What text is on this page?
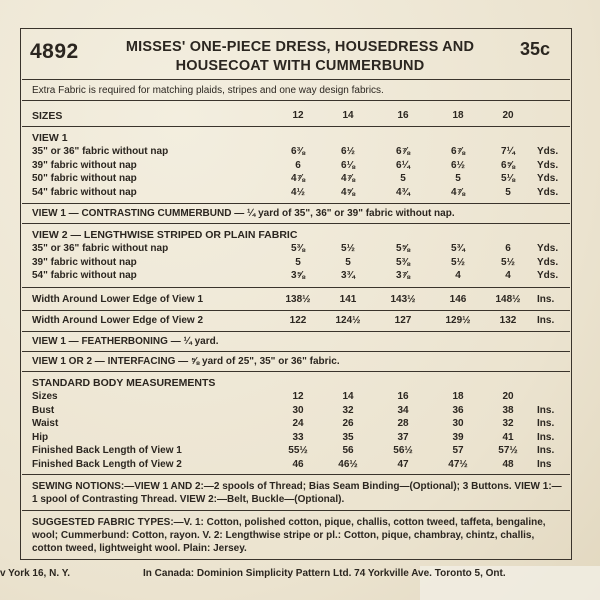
4892	MISSES' ONE-PIECE DRESS, HOUSEDRESS AND
HOUSECOAT WITH CUMMERBUND
35c
Extra Fabric is required for matching plaids, stripes and one way design fabrics.
SIZES	12	14	16	18	20
VIEW 1
35" or 36" fabric without nap	6⅜	6½	6⅞	6⅞	7¼	Yds.
39" fabric without nap	6	6⅛	6¼	6½	6⅝	Yds.
50" fabric without nap	4⅞	4⅞	5	5	5⅛	Yds.
54" fabric without nap	4½	4⅝	4¾	4⅞	5	Yds.
VIEW 1 — CONTRASTING CUMMERBUND — ¼ yard of 35", 36" or 39" fabric without nap.
VIEW 2 — LENGTHWISE STRIPED OR PLAIN FABRIC
35" or 36" fabric without nap	5⅜	5½	5⅝	5¾	6	Yds.
39" fabric without nap	5	5	5⅜	5½	5½	Yds.
54" fabric without nap	3⅝	3¾	3⅞	4	4	Yds.
Width Around Lower Edge of View 1	138½	141	143½	146	148½	Ins.
Width Around Lower Edge of View 2	122	124½	127	129½	132	Ins.
VIEW 1 — FEATHERBONING — ¼ yard.
VIEW 1 OR 2 — INTERFACING — ⅝ yard of 25", 35" or 36" fabric.
STANDARD BODY MEASUREMENTS
Sizes	12	14	16	18	20
Bust	30	32	34	36	38	Ins.
Waist	24	26	28	30	32	Ins.
Hip	33	35	37	39	41	Ins.
Finished Back Length of View 1	55½	56	56½	57	57½	Ins.
Finished Back Length of View 2	46	46½	47	47½	48	Ins
SEWING NOTIONS:—VIEW 1 AND 2:—2 spools of Thread; Bias Seam Binding—(Optional); 3 Buttons. VIEW 1:—1 spool of Contrasting Thread. VIEW 2:—Belt, Buckle—(Optional).
SUGGESTED FABRIC TYPES:—V. 1: Cotton, polished cotton, pique, challis, cotton tweed, taffeta, bengaline, wool; Cummerbund: Cotton, rayon. V. 2: Lengthwise stripe or pl.: Cotton, pique, chambray, chintz, challis, cotton tweed, lightweight wool. Plain: Jersey.
v York 16, N. Y.	In Canada: Dominion Simplicity Pattern Ltd. 74 Yorkville Ave. Toronto 5, Ont.
